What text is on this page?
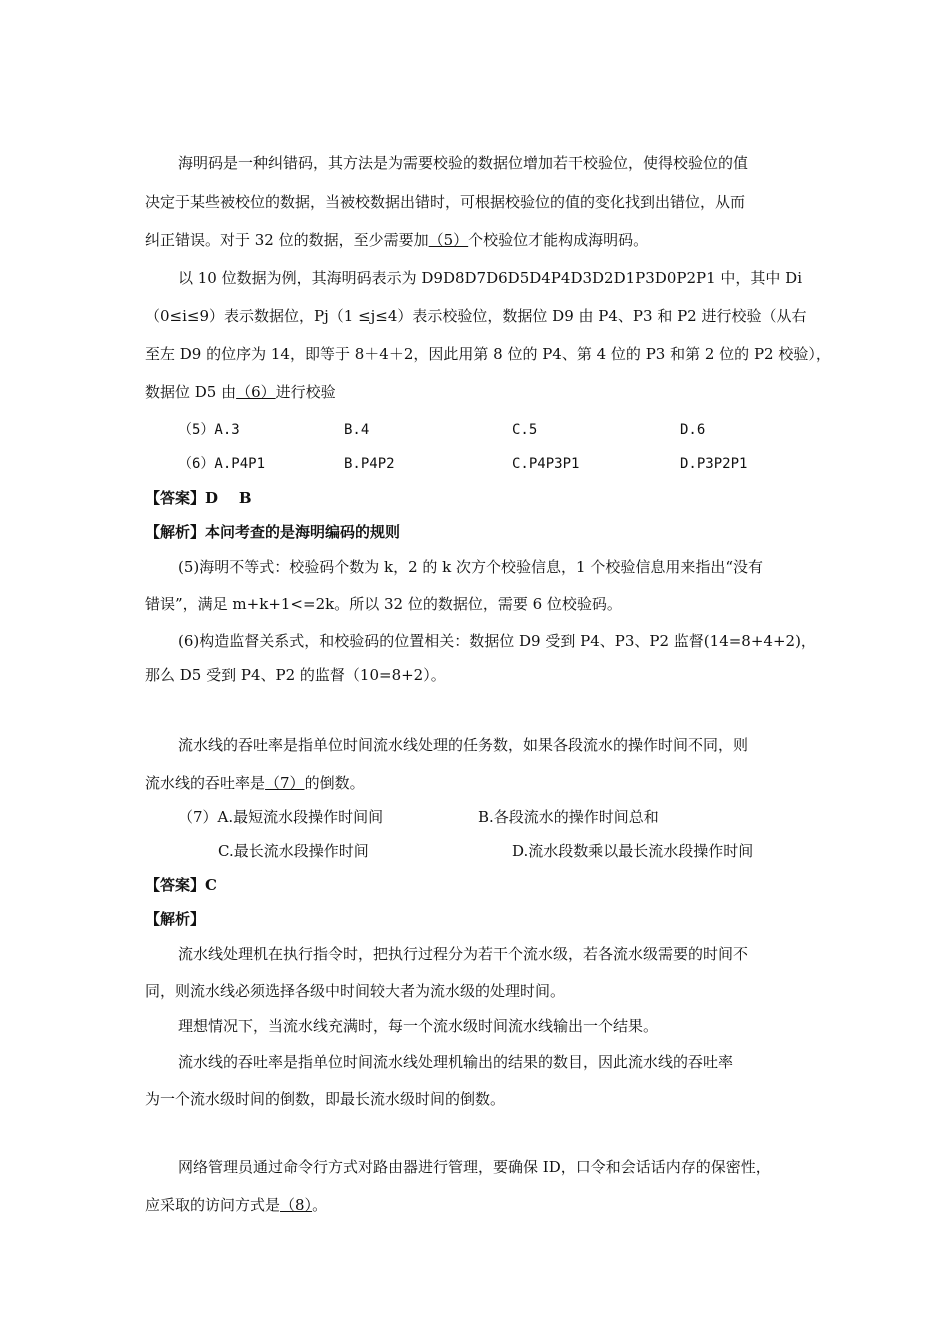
海明码是一种纠错码，其方法是为需要校验的数据位增加若干校验位，使得校验位的值
决定于某些被校位的数据，当被校数据出错时，可根据校验位的值的变化找到出错位，从而
纠正错误。对于 32 位的数据，至少需要加（5）个校验位才能构成海明码。
以 10 位数据为例，其海明码表示为 D9D8D7D6D5D4P4D3D2D1P3D0P2P1 中，其中 Di
（0≤i≤9）表示数据位，Pj（1 ≤j≤4）表示校验位，数据位 D9 由 P4、P3 和 P2 进行校验（从右
至左 D9 的位序为 14，即等于 8＋4＋2，因此用第 8 位的 P4、第 4 位的 P3 和第 2 位的 P2 校验），
数据位 D5 由（6）进行校验
（5）A.3	B.4	C.5	D.6
（6）A.P4P1	B.P4P2	C.P4P3P1	D.P3P2P1
【答案】D    B
【解析】本问考查的是海明编码的规则
(5)海明不等式：校验码个数为 k，2 的 k 次方个校验信息，1 个校验信息用来指出“没有
错误”，满足 m+k+1<=2k。所以 32 位的数据位，需要 6 位校验码。
(6)构造监督关系式，和校验码的位置相关：数据位 D9 受到 P4、P3、P2 监督(14=8+4+2)，
那么 D5 受到 P4、P2 的监督（10=8+2）。
流水线的吞吐率是指单位时间流水线处理的任务数，如果各段流水的操作时间不同，则
流水线的吞吐率是（7）的倒数。
（7）A.最短流水段操作时间间	B.各段流水的操作时间总和
C.最长流水段操作时间	D.流水段数乘以最长流水段操作时间
【答案】C
【解析】
流水线处理机在执行指令时，把执行过程分为若干个流水级，若各流水级需要的时间不
同，则流水线必须选择各级中时间较大者为流水级的处理时间。
理想情况下，当流水线充满时，每一个流水级时间流水线输出一个结果。
流水线的吞吐率是指单位时间流水线处理机输出的结果的数目，因此流水线的吞吐率
为一个流水级时间的倒数，即最长流水级时间的倒数。
网络管理员通过命令行方式对路由器进行管理，要确保 ID，口令和会话话内存的保密性，
应采取的访问方式是（8）。
